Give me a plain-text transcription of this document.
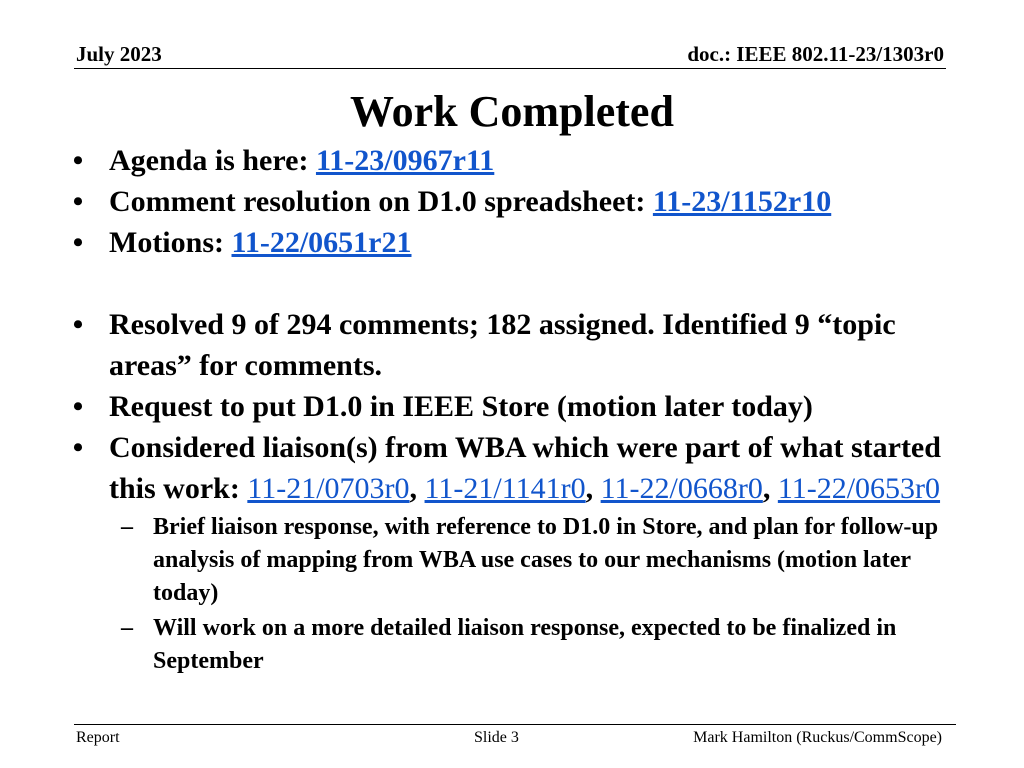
July 2023	doc.: IEEE 802.11-23/1303r0
Work Completed
• Agenda is here: 11-23/0967r11
• Comment resolution on D1.0 spreadsheet: 11-23/1152r10
• Motions: 11-22/0651r21
• Resolved 9 of 294 comments; 182 assigned. Identified 9 “topic areas” for comments.
• Request to put D1.0 in IEEE Store (motion later today)
• Considered liaison(s) from WBA which were part of what started this work: 11-21/0703r0, 11-21/1141r0, 11-22/0668r0, 11-22/0653r0
– Brief liaison response, with reference to D1.0 in Store, and plan for follow-up analysis of mapping from WBA use cases to our mechanisms (motion later today)
– Will work on a more detailed liaison response, expected to be finalized in September
Report	Slide 3	Mark Hamilton (Ruckus/CommScope)
